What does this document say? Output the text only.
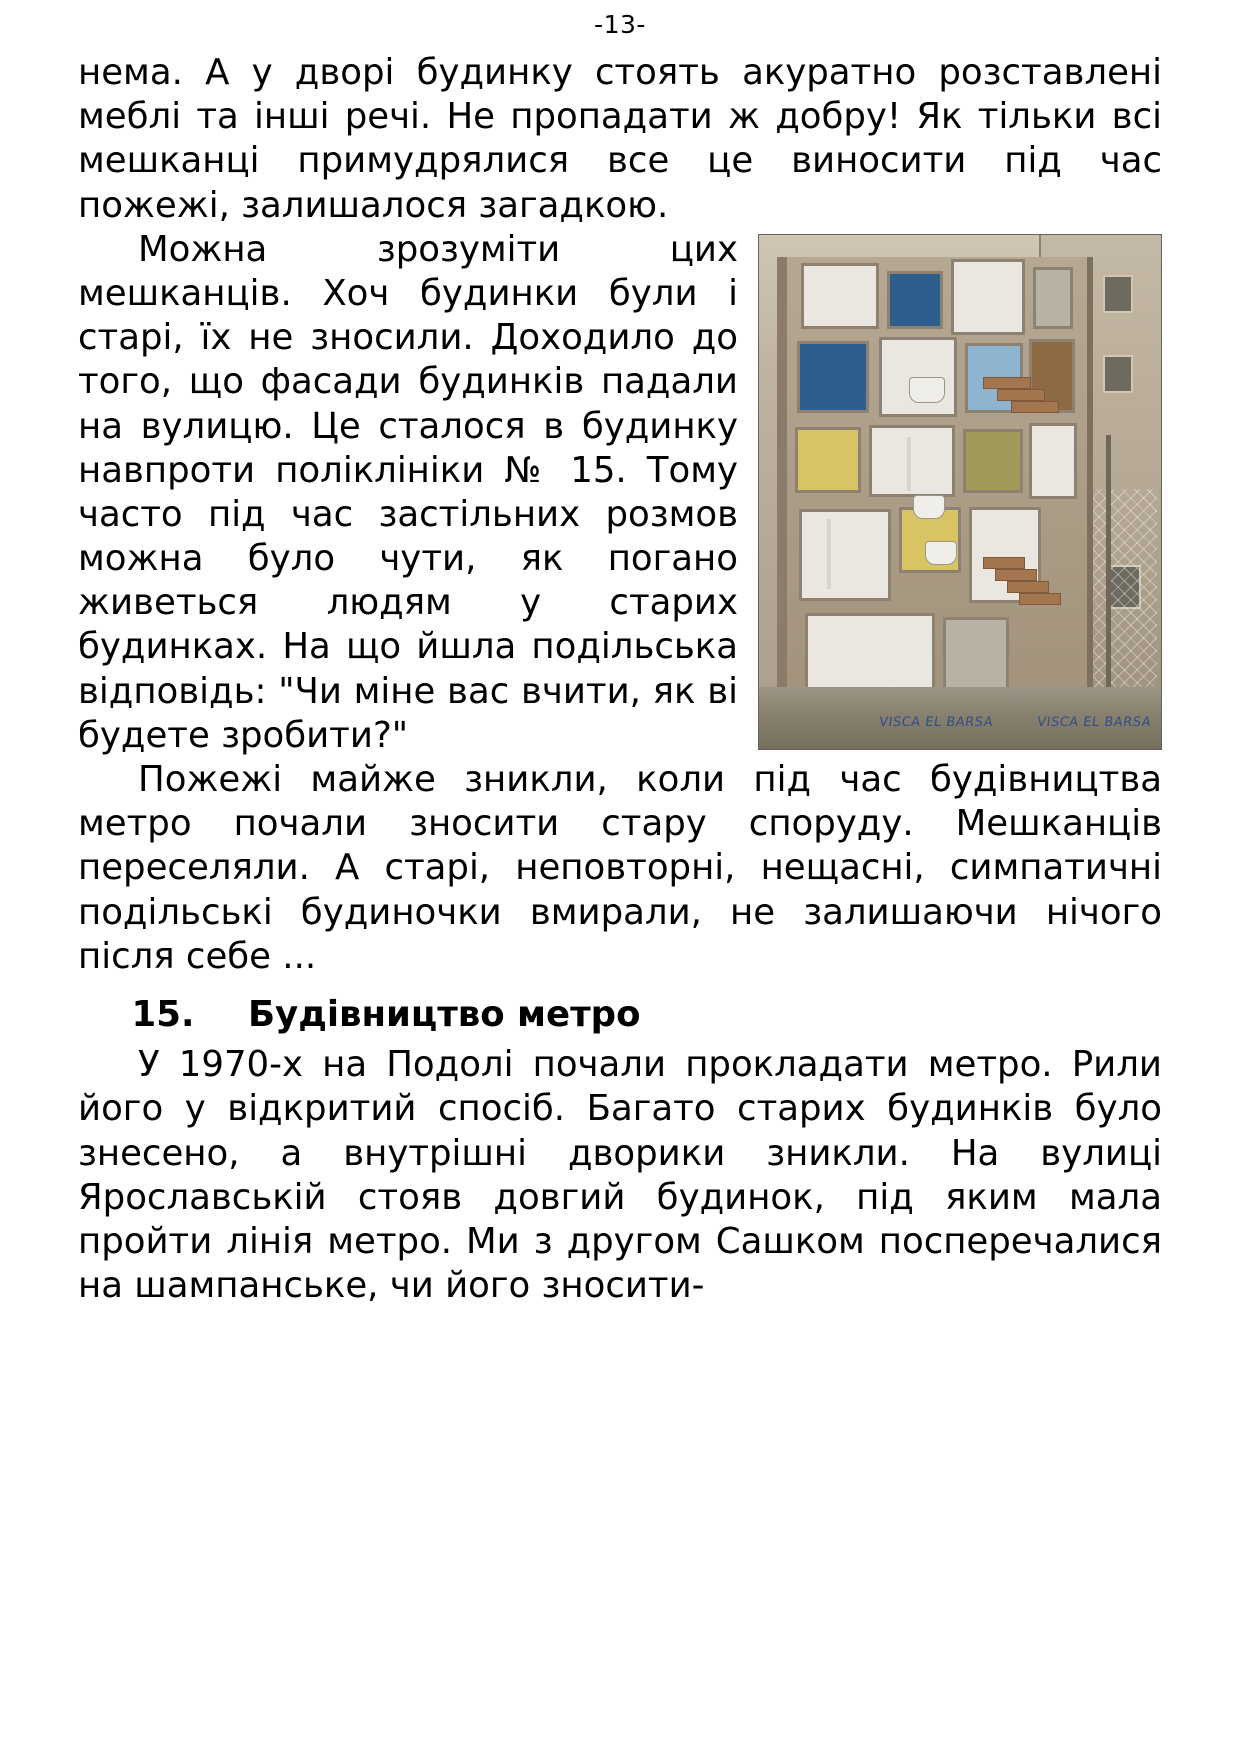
-13-

нема. А у дворі будинку стоять акуратно розставлені меблі та інші речі. Не пропадати ж добру! Як тільки всі мешканці примудрялися все це виносити під час пожежі, залишалося загадкою.

VISCA EL BARSA	VISCA EL BARSA

Можна зрозуміти цих мешканців. Хоч будинки були і старі, їх не зносили. Доходило до того, що фасади будинків падали на вулицю. Це сталося в будинку навпроти поліклініки № 15. Тому часто під час застільних розмов можна було чути, як погано живеться людям у старих будинках. На що йшла подільська відповідь: "Чи міне вас вчити, як ві будете зробити?"

Пожежі майже зникли, коли під час будівництва метро почали зносити стару споруду. Мешканців переселяли. А старі, неповторні, нещасні, симпатичні подільські будиночки вмирали, не залишаючи нічого після себе ...

15.	Будівництво метро

У 1970-х на Подолі почали прокладати метро. Рили його у відкритий спосіб. Багато старих будинків було знесено, а внутрішні дворики зникли. На вулиці Ярославській стояв довгий будинок, під яким мала пройти лінія метро. Ми з другом Сашком посперечалися на шампанське, чи його зносити-
